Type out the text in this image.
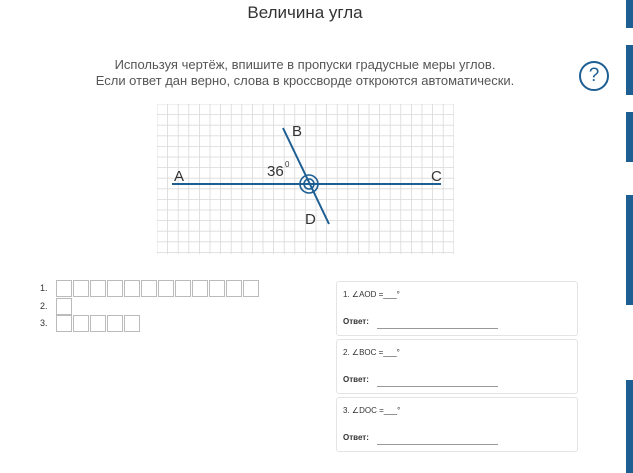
Величина угла
Используя чертёж, впишите в пропуски градусные меры углов.
Если ответ дан верно, слова в кроссворде откроются автоматически.	?
A
B
C
D
36 0
1.
2.
3.
1. ∠AOD =___°
Ответ:
2. ∠BOC =___°
Ответ:
3. ∠DOC =___°
Ответ:
